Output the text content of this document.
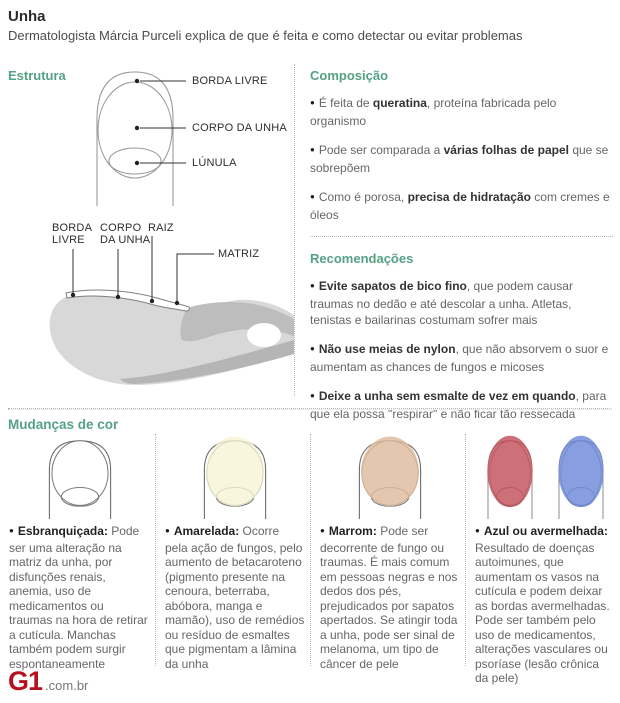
Unha
Dermatologista Márcia Purceli explica de que é feita e como detectar ou evitar problemas
Estrutura	BORDA LIVRE
CORPO DA UNHA
LÚNULA
BORDA LIVRE
CORPO DA UNHA
RAIZ
MATRIZ
Composição

● É feita de queratina, proteína fabricada pelo organismo

● Pode ser comparada a várias folhas de papel que se sobrepõem

● Como é porosa, precisa de hidratação com cremes e óleos

Recomendações

● Evite sapatos de bico fino, que podem causar traumas no dedão e até descolar a unha. Atletas, tenistas e bailarinas costumam sofrer mais

● Não use meias de nylon, que não absorvem o suor e aumentam as chances de fungos e micoses

● Deixe a unha sem esmalte de vez em quando, para que ela possa "respirar" e não ficar tão ressecada

Mudanças de cor

● Esbranquiçada: Pode ser uma alteração na matriz da unha, por disfunções renais, anemia, uso de medicamentos ou traumas na hora de retirar a cutícula. Manchas também podem surgir espontaneamente

● Amarelada: Ocorre pela ação de fungos, pelo aumento de betacaroteno (pigmento presente na cenoura, beterraba, abóbora, manga e mamão), uso de remédios ou resíduo de esmaltes que pigmentam a lâmina da unha

● Marrom: Pode ser decorrente de fungo ou traumas. É mais comum em pessoas negras e nos dedos dos pés, prejudicados por sapatos apertados. Se atingir toda a unha, pode ser sinal de melanoma, um tipo de câncer de pele

● Azul ou avermelhada: Resultado de doenças autoimunes, que aumentam os vasos na cutícula e podem deixar as bordas avermelhadas. Pode ser também pelo uso de medicamentos, alterações vasculares ou psoríase (lesão crônica da pele)

G1 .com.br
